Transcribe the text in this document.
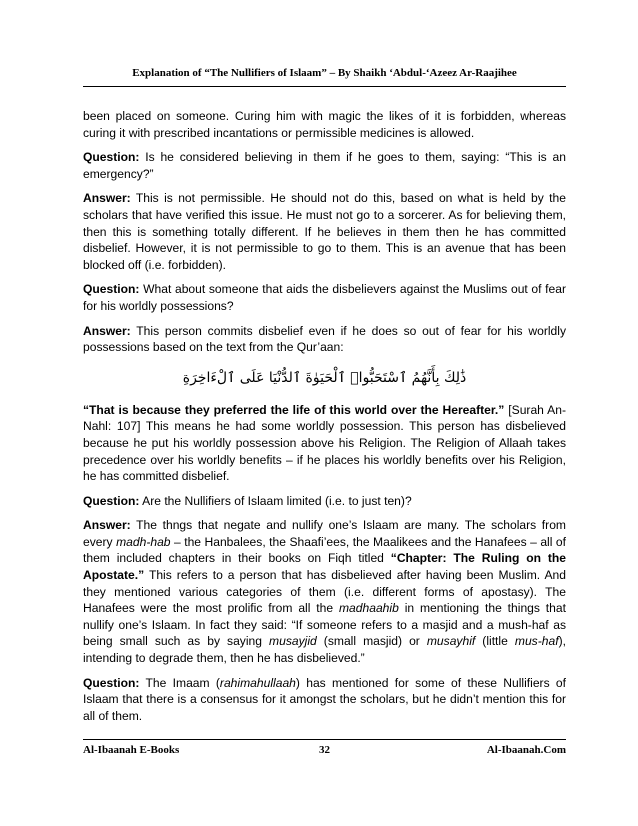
Explanation of “The Nullifiers of Islaam” – By Shaikh ‘Abdul-‘Azeez Ar-Raajihee

been placed on someone. Curing him with magic the likes of it is forbidden, whereas curing it with prescribed incantations or permissible medicines is allowed.

Question: Is he considered believing in them if he goes to them, saying: “This is an emergency?”

Answer: This is not permissible. He should not do this, based on what is held by the scholars that have verified this issue. He must not go to a sorcerer. As for believing them, then this is something totally different. If he believes in them then he has committed disbelief. However, it is not permissible to go to them. This is an avenue that has been blocked off (i.e. forbidden).

Question: What about someone that aids the disbelievers against the Muslims out of fear for his worldly possessions?

Answer: This person commits disbelief even if he does so out of fear for his worldly possessions based on the text from the Qur’aan:

ذَٰلِكَ بِأَنَّهُمُ ٱسْتَحَبُّوا۟ ٱلْحَيَوٰةَ ٱلدُّنْيَا عَلَى ٱلْءَاخِرَةِ

“That is because they preferred the life of this world over the Hereafter.” [Surah An-Nahl: 107] This means he had some worldly possession. This person has disbelieved because he put his worldly possession above his Religion. The Religion of Allaah takes precedence over his worldly benefits – if he places his worldly benefits over his Religion, he has committed disbelief.

Question: Are the Nullifiers of Islaam limited (i.e. to just ten)?

Answer: The thngs that negate and nullify one’s Islaam are many. The scholars from every madh-hab – the Hanbalees, the Shaafi’ees, the Maalikees and the Hanafees – all of them included chapters in their books on Fiqh titled “Chapter: The Ruling on the Apostate.” This refers to a person that has disbelieved after having been Muslim. And they mentioned various categories of them (i.e. different forms of apostasy). The Hanafees were the most prolific from all the madhaahib in mentioning the things that nullify one’s Islaam. In fact they said: “If someone refers to a masjid and a mush-haf as being small such as by saying musayjid (small masjid) or musayhif (little mus-haf), intending to degrade them, then he has disbelieved.”

Question: The Imaam (rahimahullaah) has mentioned for some of these Nullifiers of Islaam that there is a consensus for it amongst the scholars, but he didn’t mention this for all of them.

Al-Ibaanah E-Books	32	Al-Ibaanah.Com
